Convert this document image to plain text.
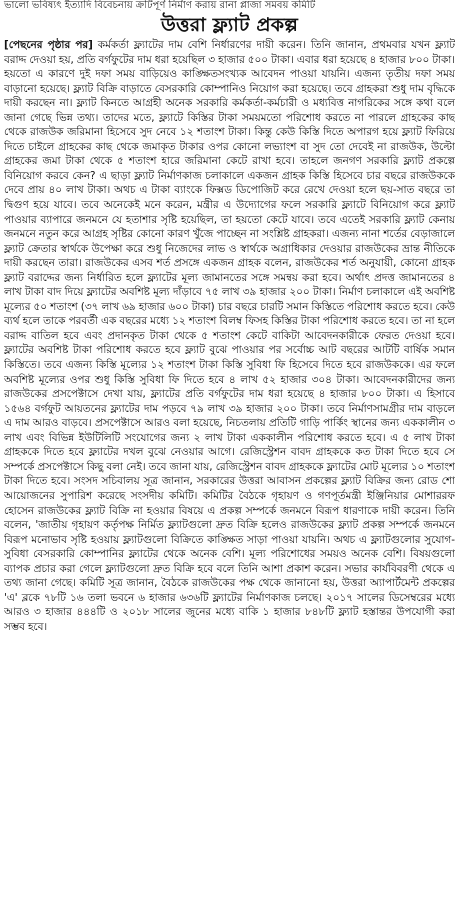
ভালো ভবিষ্যৎ ইত্যাদি বিবেচনায় ক্রটিপূর্ণ নির্মাণ করায় রানা প্লাজা সমবয় কমিটি
উত্তরা ফ্ল্যাট প্রকল্প

[পেছনের পৃষ্ঠার পর] কর্মকর্তা ফ্ল্যাটের দাম বেশি নির্ধারণের দায়ী করেন। তিনি জানান, প্রথমবার যখন ফ্ল্যাট বরাদ্দ দেওয়া হয়, প্রতি বর্গফুটের দাম ধরা হয়েছিল ৩ হাজার ৫০০ টাকা। এবার ধরা হয়েছে ৪ হাজার ৮০০ টাকা। হয়তো এ কারণে দুই দফা সময় বাড়িয়েও কাঙ্ক্ষিতসংখ্যক আবেদন পাওয়া যায়নি। এজন্য তৃতীয় দফা সময় বাড়ানো হয়েছে। ফ্ল্যাট বিক্রি বাড়াতে বেসরকারি কোম্পানিও নিয়োগ করা হয়েছে। তবে গ্রাহকরা শুধু দাম বৃদ্ধিকে দায়ী করছেন না। ফ্ল্যাট কিনতে আগ্রহী অনেক সরকারি কর্মকর্তা-কর্মচারী ও মধ্যবিত্ত নাগরিকের সঙ্গে কথা বলে জানা গেছে ভিন্ন তথ্য। তাদের মতে, ফ্ল্যাটে কিস্তির টাকা সময়মতো পরিশোধ করতে না পারলে গ্রাহকের কাছ থেকে রাজউক জরিমানা হিসেবে সুদ নেবে ১২ শতাংশ টাকা। কিন্তু কেউ কিস্তি দিতে অপারগ হয়ে ফ্ল্যাট ফিরিয়ে দিতে চাইলে গ্রাহকের কাছ থেকে জমাকৃত টাকার ওপর কোনো লভ্যাংশ বা সুদ তো দেবেই না রাজউক, উল্টো গ্রাহকের জমা টাকা থেকে ৫ শতাংশ হারে জরিমানা কেটে রাখা হবে। তাহলে জনগণ সরকারি ফ্ল্যাট প্রকল্পে বিনিয়োগ করবে কেন? এ ছাড়া ফ্ল্যাট নির্মাণকাজ চলাকালে একজন গ্রাহক কিস্তি হিসেবে চার বছরে রাজউককে দেবে প্রায় ৪০ লাখ টাকা। অথচ এ টাকা ব্যাংকে ফিক্সড ডিপোজিট করে রেখে দেওয়া হলে ছয়-সাত বছরে তা দ্বিগুণ হয়ে যাবে। তবে অনেকেই মনে করেন, মন্ত্রীর এ উদ্যোগের ফলে সরকারি ফ্ল্যাটে বিনিয়োগ করে ফ্ল্যাট পাওয়ার ব্যাপারে জনমনে যে হতাশার সৃষ্টি হয়েছিল, তা হয়তো কেটে যাবে। তবে এতেই সরকারি ফ্ল্যাট কেনায় জনমনে নতুন করে আগ্রহ সৃষ্টির কোনো কারণ খুঁজে পাচ্ছেন না সংশ্লিষ্ট গ্রাহকরা। এজন্য নানা শর্তের বেড়াজালে ফ্ল্যাট ক্রেতার স্বার্থকে উপেক্ষা করে শুধু নিজেদের লাভ ও স্বার্থকে অগ্রাধিকার দেওয়ার রাজউকের ভ্রান্ত নীতিকে দায়ী করছেন তারা। রাজউকের এসব শর্ত প্রসঙ্গে একজন গ্রাহক বলেন, রাজউকের শর্ত অনুযায়ী, কোনো গ্রাহক ফ্ল্যাট বরাদ্দের জন্য নির্ধারিত হলে ফ্ল্যাটের মূল্য জামানতের সঙ্গে সমন্বয় করা হবে। অর্থাৎ প্রদত্ত জামানতের ৪ লাখ টাকা বাদ দিয়ে ফ্ল্যাটের অবশিষ্ট মূল্য দাঁড়াবে ৭৫ লাখ ৩৯ হাজার ২০০ টাকা। নির্মাণ চলাকালে এই অবশিষ্ট মূল্যের ৫০ শতাংশ (৩৭ লাখ ৬৯ হাজার ৬০০ টাকা) চার বছরে চারটি সমান কিস্তিতে পরিশোধ করতে হবে। কেউ ব্যর্থ হলে তাকে পরবর্তী এক বছরের মধ্যে ১২ শতাংশ বিলম্ব ফিসহ কিস্তির টাকা পরিশোধ করতে হবে। তা না হলে বরাদ্দ বাতিল হবে এবং প্রদানকৃত টাকা থেকে ৫ শতাংশ কেটে বাকিটা আবেদনকারীকে ফেরত দেওয়া হবে। ফ্ল্যাটের অবশিষ্ট টাকা পরিশোধ করতে হবে ফ্ল্যাট বুঝে পাওয়ার পর সর্বোচ্চ আট বছরের আটটি বার্ষিক সমান কিস্তিতে। তবে এজন্য কিস্তি মূল্যের ১২ শতাংশ টাকা কিস্তি সুবিধা ফি হিসেবে দিতে হবে রাজউককে। এর ফলে অবশিষ্ট মূল্যের ওপর শুধু কিস্তি সুবিধা ফি দিতে হবে ৪ লাখ ৫২ হাজার ৩০৪ টাকা। আবেদনকারীদের জন্য রাজউকের প্রসপেক্টাসে দেখা যায়, ফ্ল্যাটের প্রতি বর্গফুটের দাম ধরা হয়েছে ৪ হাজার ৮০০ টাকা। এ হিসাবে ১৫৬৪ বর্গফুট আয়তনের ফ্ল্যাটের দাম পড়বে ৭৯ লাখ ৩৯ হাজার ২০০ টাকা। তবে নির্মাণসামগ্রীর দাম বাড়লে এ দাম আরও বাড়বে। প্রসপেক্টাসে আরও বলা হয়েছে, নিচতলায় প্রতিটি গাড়ি পার্কিং স্থানের জন্য এককালীন ৩ লাখ এবং বিভিন্ন ইউটিলিটি সংযোগের জন্য ২ লাখ টাকা এককালীন পরিশোধ করতে হবে। এ ৫ লাখ টাকা গ্রাহককে দিতে হবে ফ্ল্যাটের দখল বুঝে নেওয়ার আগে। রেজিস্ট্রেশন বাবদ গ্রাহককে কত টাকা দিতে হবে সে সম্পর্কে প্রসপেক্টাসে কিছু বলা নেই। তবে জানা যায়, রেজিস্ট্রেশন বাবদ গ্রাহককে ফ্ল্যাটের মোট মূল্যের ১০ শতাংশ টাকা দিতে হবে। সংসদ সচিবালয় সূত্র জানান, সরকারের উত্তরা আবাসন প্রকল্পের ফ্ল্যাট বিক্রির জন্য রোড শো আয়োজনের সুপারিশ করেছে সংসদীয় কমিটি। কমিটির বৈঠকে গৃহায়ণ ও গণপূর্তমন্ত্রী ইঞ্জিনিয়ার মোশাররফ হোসেন রাজউকের ফ্ল্যাট বিক্রি না হওয়ার বিষয়ে এ প্রকল্প সম্পর্কে জনমনে বিরূপ ধারণাকে দায়ী করেন। তিনি বলেন, 'জাতীয় গৃহায়ণ কর্তৃপক্ষ নির্মিত ফ্ল্যাটগুলো দ্রুত বিক্রি হলেও রাজউকের ফ্ল্যাট প্রকল্প সম্পর্কে জনমনে বিরূপ মনোভাব সৃষ্টি হওয়ায় ফ্ল্যাটগুলো বিক্রিতে কাঙ্ক্ষিত সাড়া পাওয়া যায়নি। অথচ এ ফ্ল্যাটগুলোর সুযোগ-সুবিধা বেসরকারি কোম্পানির ফ্ল্যাটের থেকে অনেক বেশি। মূল্য পরিশোধের সময়ও অনেক বেশি। বিষয়গুলো ব্যাপক প্রচার করা গেলে ফ্ল্যাটগুলো দ্রুত বিক্রি হবে বলে তিনি আশা প্রকাশ করেন। সভার কার্যবিবরণী থেকে এ তথ্য জানা গেছে। কমিটি সূত্র জানান, বৈঠকে রাজউকের পক্ষ থেকে জানানো হয়, উত্তরা অ্যাপার্টমেন্ট প্রকল্পের 'এ' ব্লকে ৭৮টি ১৬ তলা ভবনে ৬ হাজার ৬৩৬টি ফ্ল্যাটের নির্মাণকাজ চলছে। ২০১৭ সালের ডিসেম্বরের মধ্যে আরও ৩ হাজার ৪৪৪টি ও ২০১৮ সালের জুনের মধ্যে বাকি ১ হাজার ৮৪৮টি ফ্ল্যাট হস্তান্তর উপযোগী করা সম্ভব হবে।
